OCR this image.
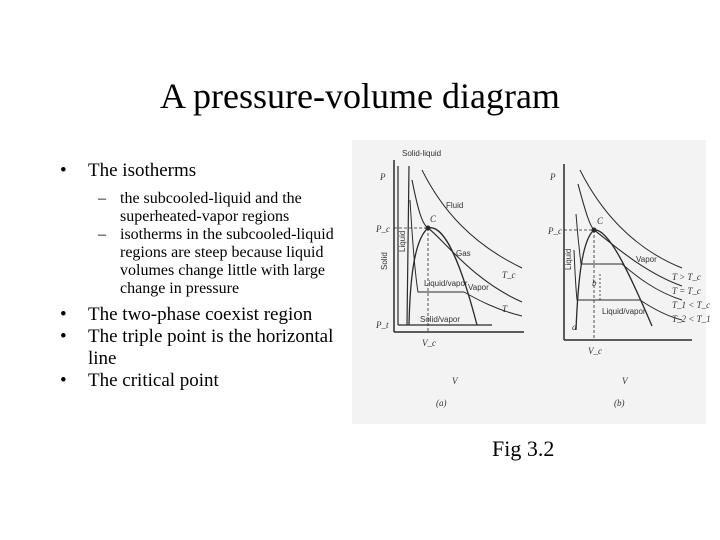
A pressure-volume diagram
• The isotherms
– the subcooled-liquid and the superheated-vapor regions
– isotherms in the subcooled-liquid regions are steep because liquid volumes change little with large change in pressure
• The two-phase coexist region
• The triple point is the horizontal line
• The critical point
Solid-liquid
Solid
Liquid
Fluid
Gas
Liquid/vapor Vapor
Solid/vapor
P
V
C
P_c
P_t
V_c
T_c
T
(a)
Liquid	Vapor
Liquid/vapor
P
V
C
P_c
V_c
T > T_c
T = T_c
T_1 < T_c
T_2 < T_1
a
b
(b)
Fig 3.2
